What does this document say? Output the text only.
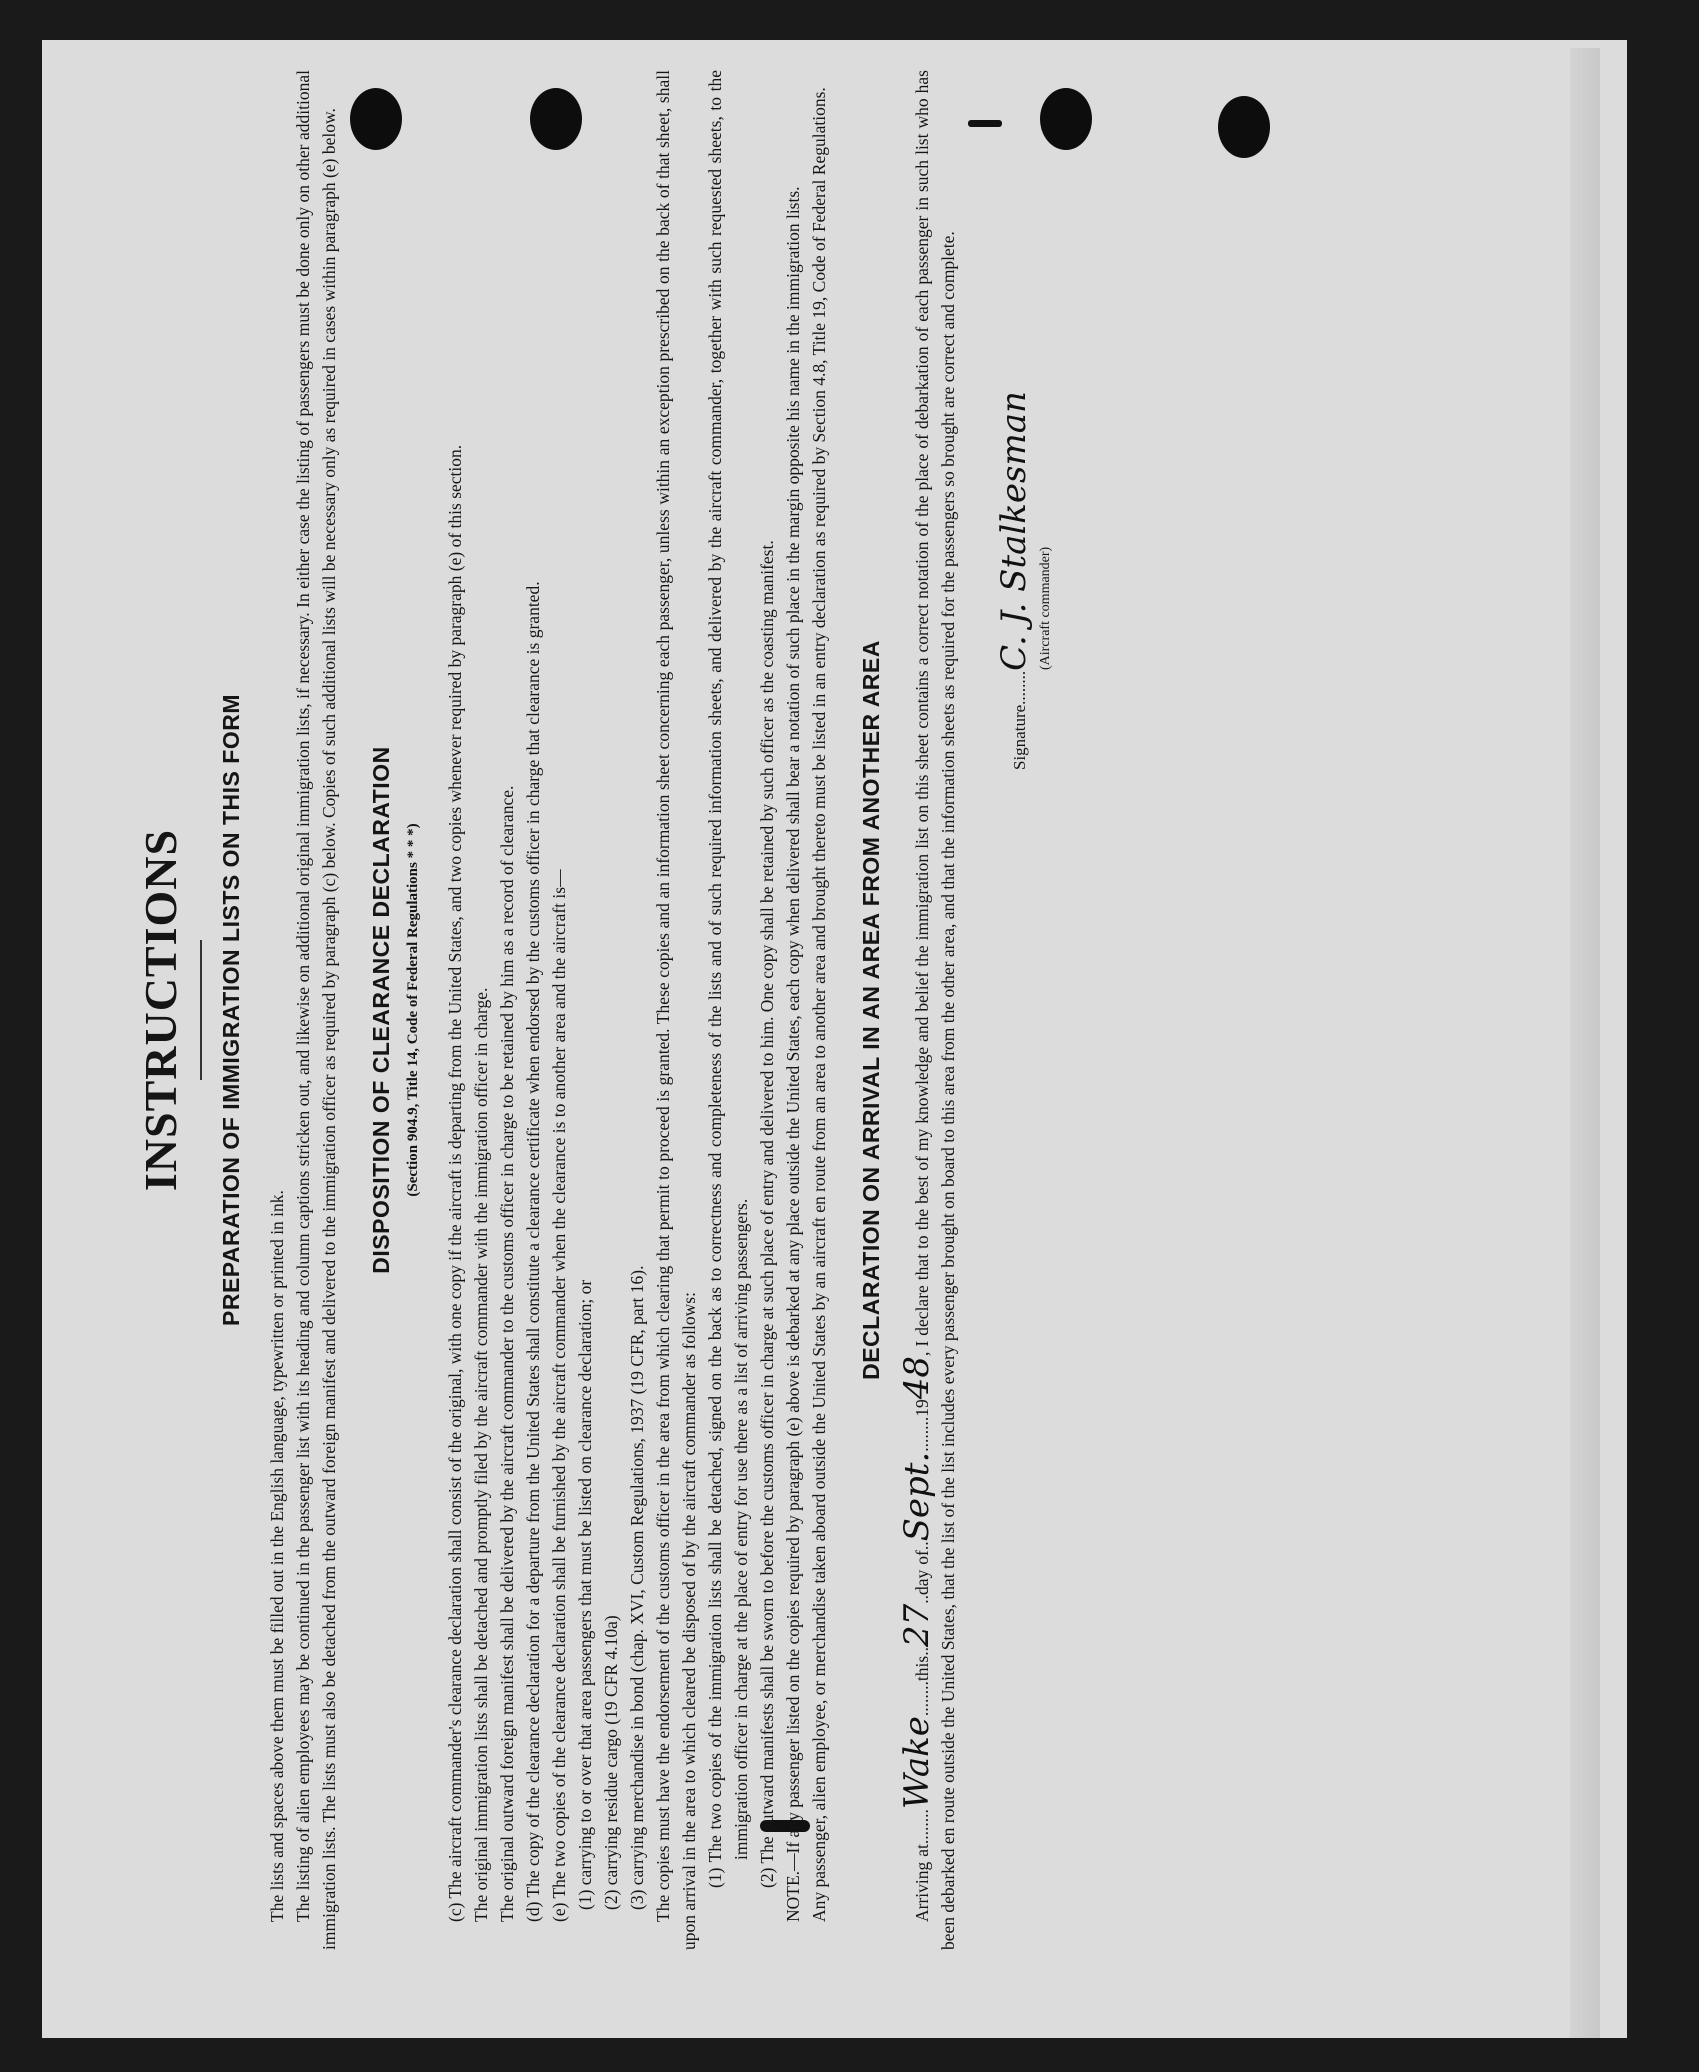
INSTRUCTIONS PREPARATION OF IMMIGRATION LISTS ON THIS FORM

The lists and spaces above them must be filled out in the English language, typewritten or printed in ink. The listing of alien employees may be continued in the passenger list with its heading and column captions stricken out, and likewise on additional original immigration lists, if necessary. In either case the listing of passengers must be done only on other additional immigration lists. The lists must also be detached from the outward foreign manifest and delivered to the immigration officer as required by paragraph (c) below. Copies of such additional lists will be necessary only as required in cases within paragraph (e) below. DISPOSITION OF CLEARANCE DECLARATION (Section 904.9, Title 14, Code of Federal Regulations * * *) (c) The aircraft commander's clearance declaration shall consist of the original, with one copy if the aircraft is departing from the United States, and two copies whenever required by paragraph (e) of this section. The original immigration lists shall be detached and promptly filed by the aircraft commander with the immigration officer in charge. The original outward foreign manifest shall be delivered by the aircraft commander to the customs officer in charge to be retained by him as a record of clearance. (d) The copy of the clearance declaration for a departure from the United States shall constitute a clearance certificate when endorsed by the customs officer in charge that clearance is granted. (e) The two copies of the clearance declaration shall be furnished by the aircraft commander when the clearance is to another area and the aircraft is— (1) carrying to or over that area passengers that must be listed on clearance declaration; or (2) carrying residue cargo (19 CFR 4.10a) (3) carrying merchandise in bond (chap. XVI, Custom Regulations, 1937 (19 CFR, part 16). The copies must have the endorsement of the customs officer in the area from which clearing that permit to proceed is granted. These copies and an information sheet concerning each passenger, unless within an exception prescribed on the back of that sheet, shall upon arrival in the area to which cleared be disposed of by the aircraft commander as follows: (1) The two copies of the immigration lists shall be detached, signed on the back as to correctness and completeness of the lists and of such required information sheets, and delivered by the aircraft commander, together with such requested sheets, to the immigration officer in charge at the place of entry for use there as a list of arriving passengers. (2) The outward manifests shall be sworn to before the customs officer in charge at such place of entry and delivered to him. One copy shall be retained by such officer as the coasting manifest. NOTE.—If any passenger listed on the copies required by paragraph (e) above is debarked at any place outside the United States, each copy when delivered shall bear a notation of such place in the margin opposite his name in the immigration lists. Any passenger, alien employee, or merchandise taken aboard outside the United States by an aircraft en route from an area to another area and brought thereto must be listed in an entry declaration as required by Section 4.8, Title 19, Code of Federal Regulations. DECLARATION ON ARRIVAL IN AN AREA FROM ANOTHER AREA

Arriving at........Wake........this..27..day of..Sept.........1948, I declare that to the best of my knowledge and belief the immigration list on this sheet contains a correct notation of the place of debarkation of each passenger in such list who has been debarked en route outside the United States, that the list of the list includes every passenger brought on board to this area from the other area, and that the information sheets as required for the passengers so brought are correct and complete.	Signature........C. J. Stalkesman (Aircraft commander)
